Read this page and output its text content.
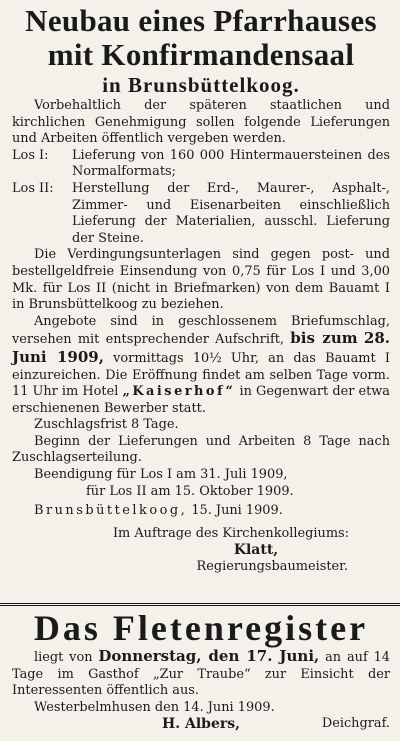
Neubau eines Pfarrhauses
mit Konfirmandensaal
in Brunsbüttelkoog.
Vorbehaltlich der späteren staatlichen und kirchlichen Genehmigung sollen folgende Lieferungen und Arbeiten öffentlich vergeben werden.
Los I:	Lieferung von 160 000 Hintermauersteinen des Normalformats;
Los II:	Herstellung der Erd-, Maurer-, Asphalt-, Zimmer- und Eisenarbeiten einschließlich Lieferung der Materialien, ausschl. Lieferung der Steine.
Die Verdingungsunterlagen sind gegen post- und bestellgeldfreie Einsendung von 0,75 für Los I und 3,00 Mk. für Los II (nicht in Briefmarken) von dem Bauamt I in Brunsbüttelkoog zu beziehen.
Angebote sind in geschlossenem Briefumschlag, versehen mit entsprechender Aufschrift, bis zum 28. Juni 1909, vormittags 10½ Uhr, an das Bauamt I einzureichen. Die Eröffnung findet am selben Tage vorm. 11 Uhr im Hotel „Kaiserhof“ in Gegenwart der etwa erschienenen Bewerber statt.
Zuschlagsfrist 8 Tage.
Beginn der Lieferungen und Arbeiten 8 Tage nach Zuschlagserteilung.
Beendigung für Los I am 31. Juli 1909,
für Los II am 15. Oktober 1909.
Brunsbüttelkoog, 15. Juni 1909.
Im Auftrage des Kirchenkollegiums:
Klatt,
Regierungsbaumeister.
Das Fletenregister
liegt von Donnerstag, den 17. Juni, an auf 14 Tage im Gasthof „Zur Traube“ zur Einsicht der Interessenten öffentlich aus.
Westerbelmhusen den 14. Juni 1909.
H. Albers,	Deichgraf.
